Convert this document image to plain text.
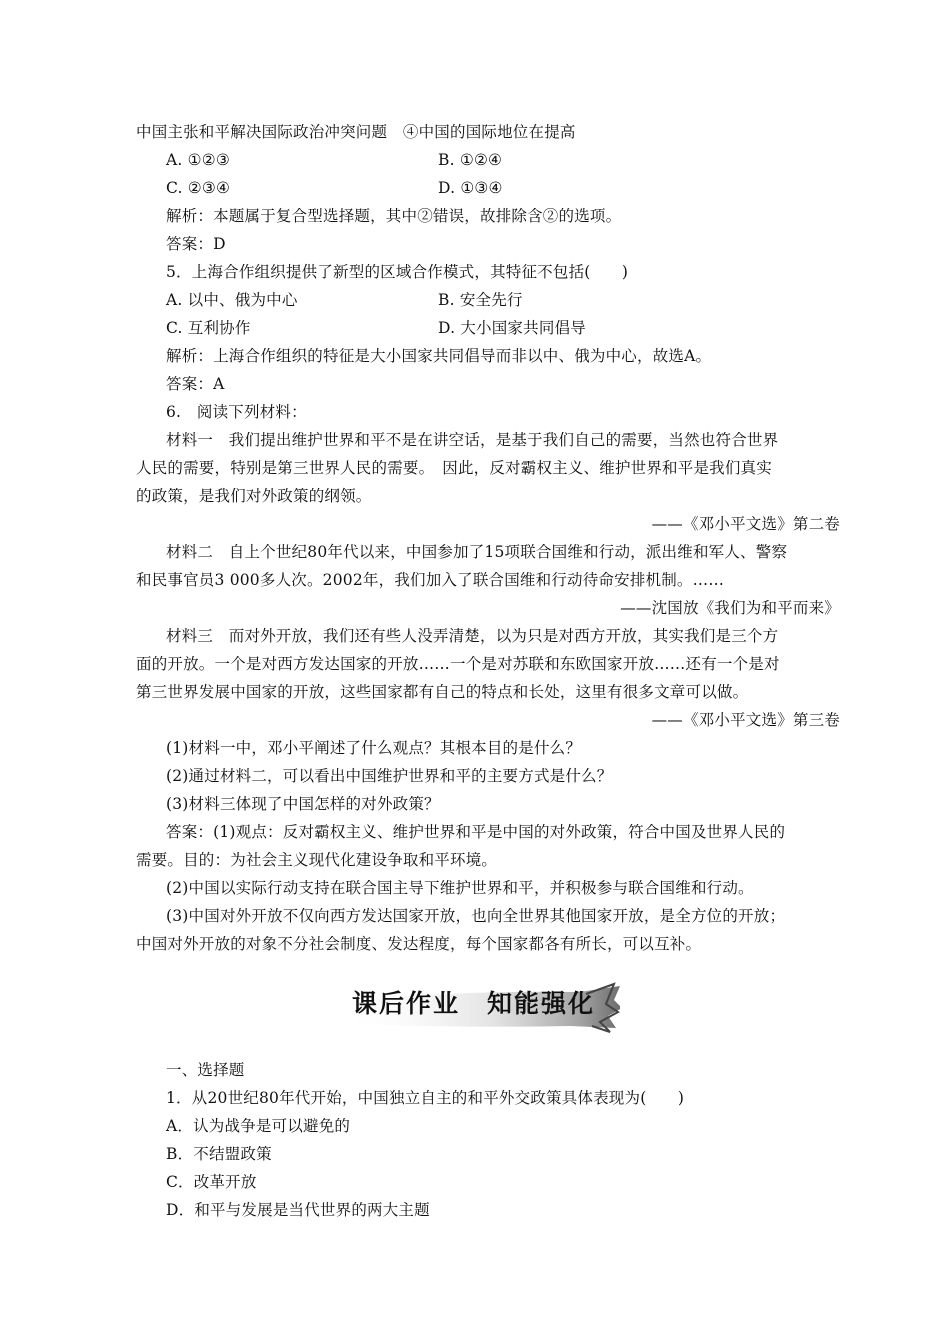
中国主张和平解决国际政治冲突问题　④中国的国际地位在提高
A. ①②③	B. ①②④
C. ②③④	D. ①③④
解析：本题属于复合型选择题，其中②错误，故排除含②的选项。
答案：D
5．上海合作组织提供了新型的区域合作模式，其特征不包括(　　)
A. 以中、俄为中心	B. 安全先行
C. 互利协作	D. 大小国家共同倡导
解析：上海合作组织的特征是大小国家共同倡导而非以中、俄为中心，故选A。
答案：A
6.　阅读下列材料：
材料一　我们提出维护世界和平不是在讲空话，是基于我们自己的需要，当然也符合世界
人民的需要，特别是第三世界人民的需要。　因此，反对霸权主义、维护世界和平是我们真实
的政策，是我们对外政策的纲领。
——《邓小平文选》第二卷
材料二　自上个世纪80年代以来，中国参加了15项联合国维和行动，派出维和军人、警察
和民事官员3 000多人次。2002年，我们加入了联合国维和行动待命安排机制。……
——沈国放《我们为和平而来》
材料三　而对外开放，我们还有些人没弄清楚，以为只是对西方开放，其实我们是三个方
面的开放。一个是对西方发达国家的开放……一个是对苏联和东欧国家开放……还有一个是对
第三世界发展中国家的开放，这些国家都有自己的特点和长处，这里有很多文章可以做。
——《邓小平文选》第三卷
(1)材料一中，邓小平阐述了什么观点？其根本目的是什么？
(2)通过材料二，可以看出中国维护世界和平的主要方式是什么？
(3)材料三体现了中国怎样的对外政策？
答案：(1)观点：反对霸权主义、维护世界和平是中国的对外政策，符合中国及世界人民的
需要。目的：为社会主义现代化建设争取和平环境。
(2)中国以实际行动支持在联合国主导下维护世界和平，并积极参与联合国维和行动。
(3)中国对外开放不仅向西方发达国家开放，也向全世界其他国家开放，是全方位的开放；
中国对外开放的对象不分社会制度、发达程度，每个国家都各有所长，可以互补。
课后作业　知能强化
一、选择题
1．从20世纪80年代开始，中国独立自主的和平外交政策具体表现为(　　)
A．认为战争是可以避免的
B．不结盟政策
C．改革开放
D．和平与发展是当代世界的两大主题
